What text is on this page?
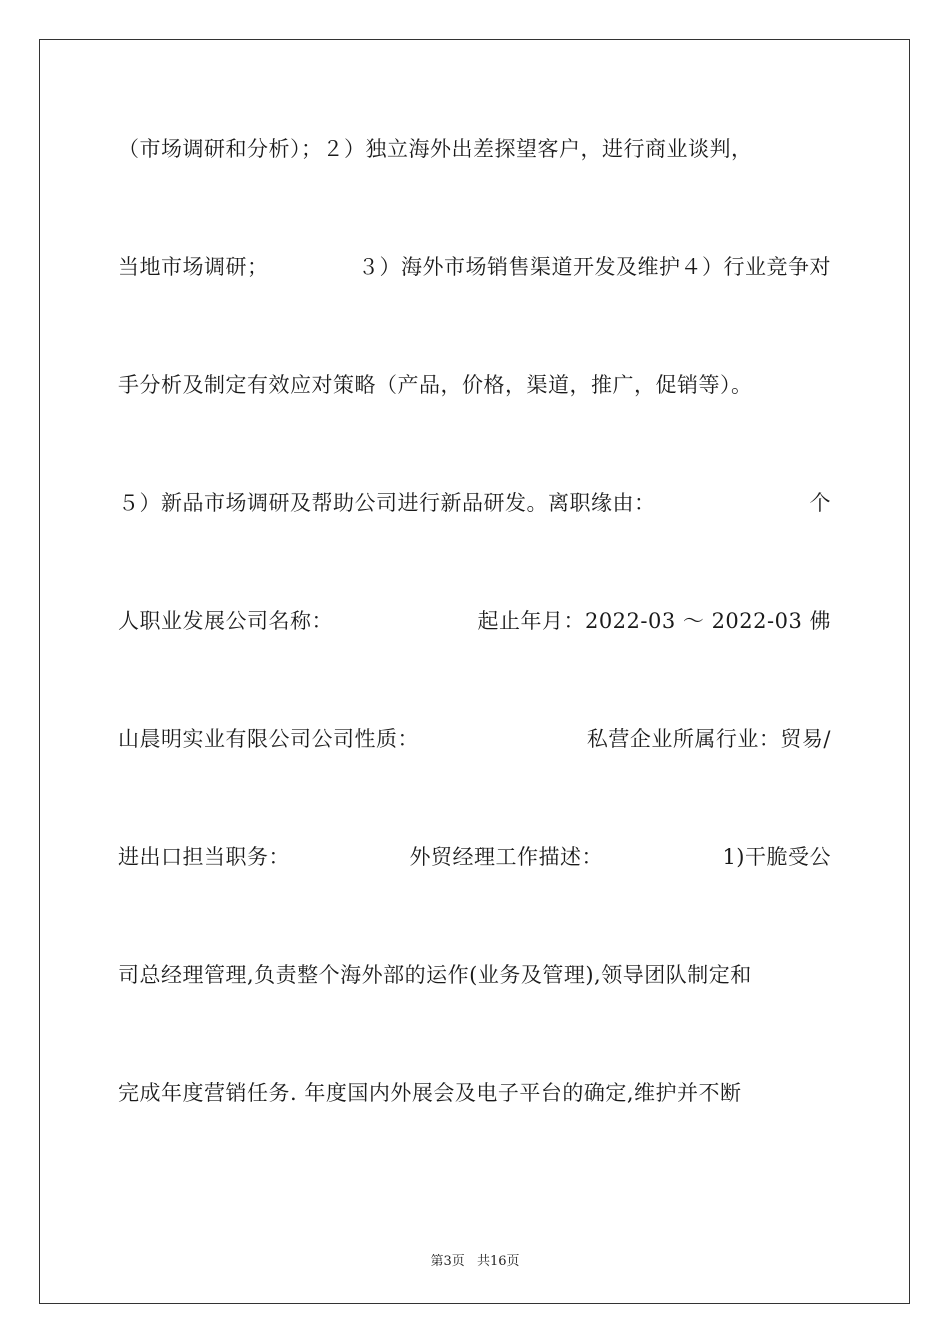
（市场调研和分析）；２）独立海外出差探望客户，进行商业谈判，
当地市场调研；	３）海外市场销售渠道开发及维护４）行业竞争对
手分析及制定有效应对策略（产品，价格，渠道，推广，促销等）。
５）新品市场调研及帮助公司进行新品研发。离职缘由：	个
人职业发展公司名称：	起止年月：2022-03 ～ 2022-03 佛
山晨明实业有限公司公司性质：	私营企业所属行业：贸易/
进出口担当职务：	外贸经理工作描述：	1)干脆受公
司总经理管理,负责整个海外部的运作(业务及管理),领导团队制定和
完成年度营销任务. 年度国内外展会及电子平台的确定,维护并不断
第3页 共16页
